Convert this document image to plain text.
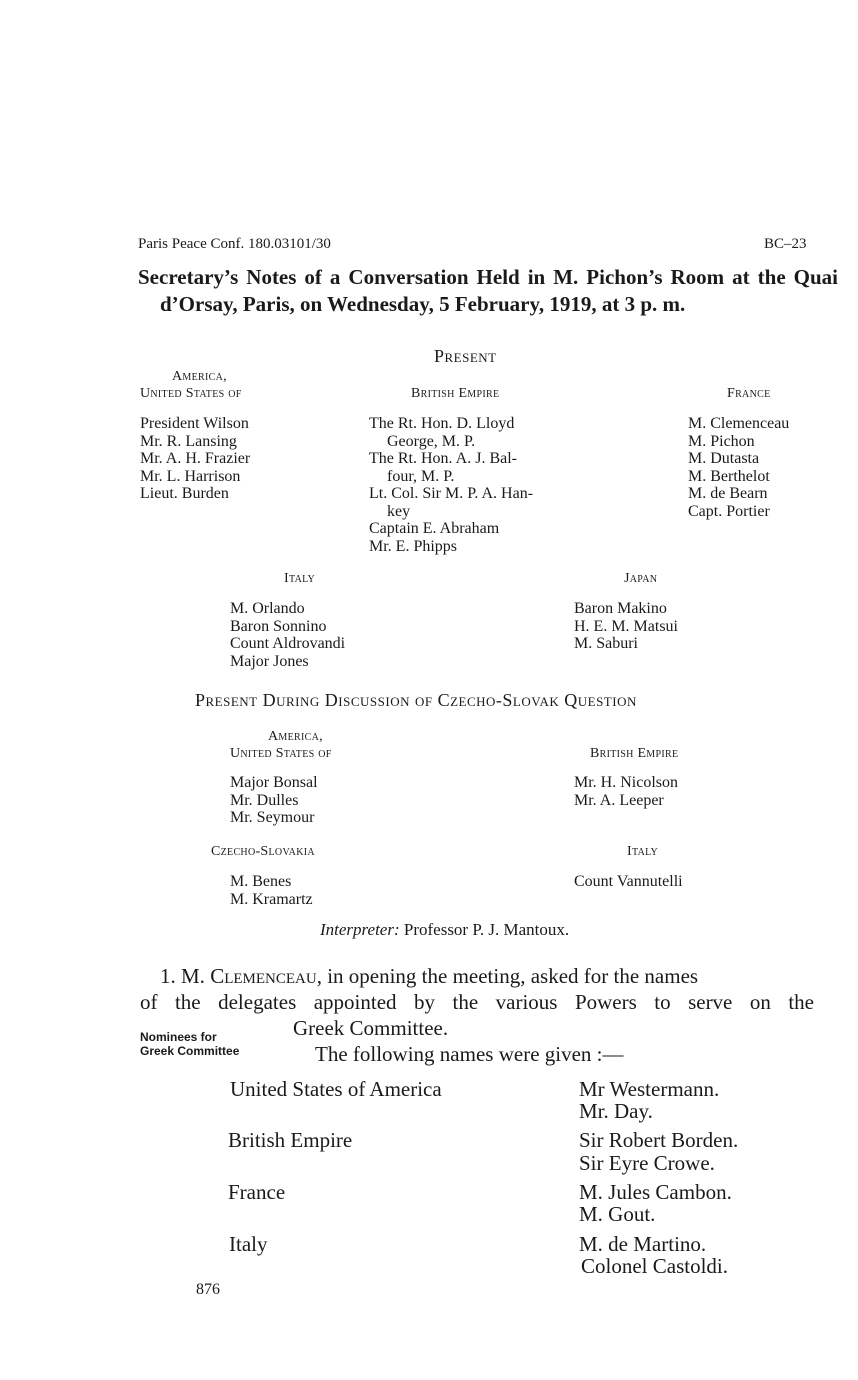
Paris Peace Conf. 180.03101/30	BC–23
Secretary’s Notes of a Conversation Held in M. Pichon’s Room at the Quai d’Orsay, Paris, on Wednesday, 5 February, 1919, at 3 p. m.
Present
America,
United States of
President Wilson
Mr. R. Lansing
Mr. A. H. Frazier
Mr. L. Harrison
Lieut. Burden
British Empire
The Rt. Hon. D. Lloyd
George, M. P.
The Rt. Hon. A. J. Bal-
four, M. P.
Lt. Col. Sir M. P. A. Han-
key
Captain E. Abraham
Mr. E. Phipps
France
M. Clemenceau
M. Pichon
M. Dutasta
M. Berthelot
M. de Bearn
Capt. Portier
Italy
M. Orlando
Baron Sonnino
Count Aldrovandi
Major Jones
Japan
Baron Makino
H. E. M. Matsui
M. Saburi
Present During Discussion of Czecho-Slovak Question
America,
United States of
Major Bonsal
Mr. Dulles
Mr. Seymour
British Empire
Mr. H. Nicolson
Mr. A. Leeper
Czecho-Slovakia
M. Benes
M. Kramartz
Italy
Count Vannutelli
Interpreter: Professor P. J. Mantoux.
1. M. Clemenceau, in opening the meeting, asked for the names
of the delegates appointed by the various Powers to serve on the
Greek Committee.
The following names were given :—
Nominees for
Greek Committee
United States of America	Mr Westermann.
Mr. Day.
British Empire	Sir Robert Borden.
Sir Eyre Crowe.
France	M. Jules Cambon.
M. Gout.
Italy	M. de Martino.
Colonel Castoldi.
876
